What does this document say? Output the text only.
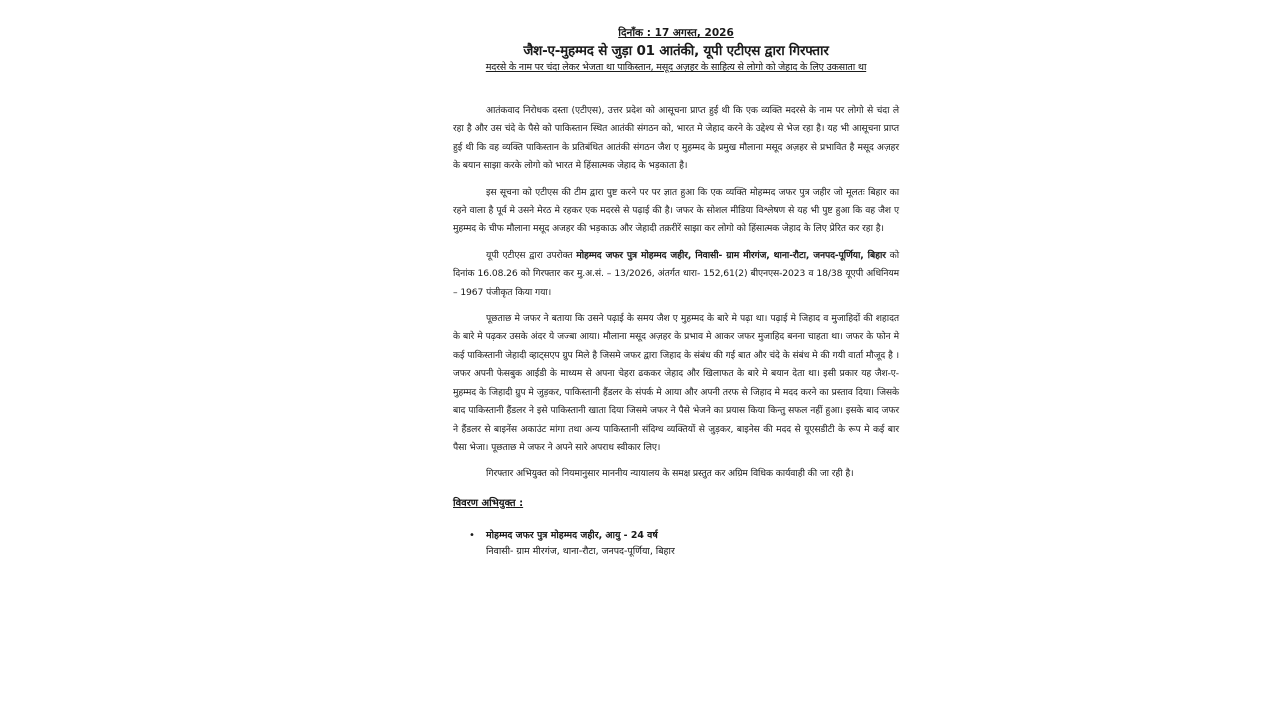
दिनाँक : 17 अगस्त, 2026
जैश-ए-मुहम्मद से जुड़ा 01 आतंकी, यूपी एटीएस द्वारा गिरफ्तार
मदरसे के नाम पर चंदा लेकर भेजता था पाकिस्तान, मसूद अज़हर के साहित्य से लोगो को जेहाद के लिए उकसाता था

आतंकवाद निरोधक दस्ता (एटीएस), उत्तर प्रदेश को आसूचना प्राप्त हुई थी कि एक व्यक्ति मदरसे के नाम पर लोगो से चंदा ले रहा है और उस चंदे के पैसे को पाकिस्तान स्थित आतंकी संगठन को, भारत मे जेहाद करने के उद्देश्य से भेज रहा है। यह भी आसूचना प्राप्त हुई थी कि वह व्यक्ति पाकिस्तान के प्रतिबंधित आतंकी संगठन जैश ए मुहम्मद के प्रमुख मौलाना मसूद अज़हर से प्रभावित है मसूद अज़हर के बयान साझा करके लोगो को भारत मे हिंसात्मक जेहाद के भड़काता है।

इस सूचना को एटीएस की टीम द्वारा पुष्ट करने पर पर ज्ञात हुआ कि एक व्यक्ति मोहम्मद जफर पुत्र जहीर जो मूलतः बिहार का रहने वाला है पूर्व मे उसने मेरठ मे रहकर एक मदरसे से पढ़ाई की है। जफर के सोशल मीडिया विश्लेषण से यह भी पुष्ट हुआ कि वह जैश ए मुहम्मद के चीफ मौलाना मसूद अजहर की भड़काऊ और जेहादी तक़रीरें साझा कर लोगो को हिंसात्मक जेहाद के लिए प्रेरित कर रहा है।

यूपी एटीएस द्वारा उपरोक्त मोहम्मद जफर पुत्र मोहम्मद जहीर, निवासी- ग्राम मीरगंज, थाना-रौटा, जनपद-पूर्णिया, बिहार को दिनांक 16.08.26 को गिरफ्तार कर मु.अ.सं. – 13/2026, अंतर्गत धारा- 152,61(2) बीएनएस-2023 व 18/38 यूएपी अधिनियम – 1967 पंजीकृत किया गया।

पूछताछ मे जफर ने बताया कि उसने पढ़ाई के समय जैश ए मुहम्मद के बारे मे पढ़ा था। पढ़ाई मे जिहाद व मुजाहिदों की शहादत के बारे मे पढ़कर उसके अंदर ये जज्बा आया। मौलाना मसूद अज़हर के प्रभाव मे आकर जफर मुजाहिद बनना चाहता था। जफर के फोन मे कई पाकिस्तानी जेहादी व्हाट्सएप ग्रुप मिले है जिसमे जफर द्वारा जिहाद के संबंध की गई बात और चंदे के संबंध मे की गयी वार्ता मौजूद है । जफर अपनी फेसबुक आईडी के माध्यम से अपना चेहरा ढककर जेहाद और खिलाफत के बारे मे बयान देता था। इसी प्रकार यह जैश-ए-मुहम्मद के जिहादी ग्रुप मे जुड़कर, पाकिस्तानी हैंडलर के संपर्क मे आया और अपनी तरफ से जिहाद मे मदद करने का प्रस्ताव दिया। जिसके बाद पाकिस्तानी हैंडलर ने इसे पाकिस्तानी खाता दिया जिसमे जफर ने पैसे भेजने का प्रयास किया किन्तु सफल नहीं हुआ। इसके बाद जफर ने हैंडलर से बाइनेंस अकाउंट मांगा तथा अन्य पाकिस्तानी संदिग्ध व्यक्तियों से जुड़कर, बाइनेस की मदद से यूएसडीटी के रूप मे कई बार पैसा भेजा। पूछताछ मे जफर ने अपने सारे अपराध स्वीकार लिए।

गिरफ्तार अभियुक्त को नियमानुसार माननीय न्यायालय के समक्ष प्रस्तुत कर अग्रिम विधिक कार्यवाही की जा रही है।

विवरण अभियुक्त :
• मोहम्मद जफर पुत्र मोहम्मद जहीर, आयु - 24 वर्ष
निवासी- ग्राम मीरगंज, थाना-रौटा, जनपद-पूर्णिया, बिहार
